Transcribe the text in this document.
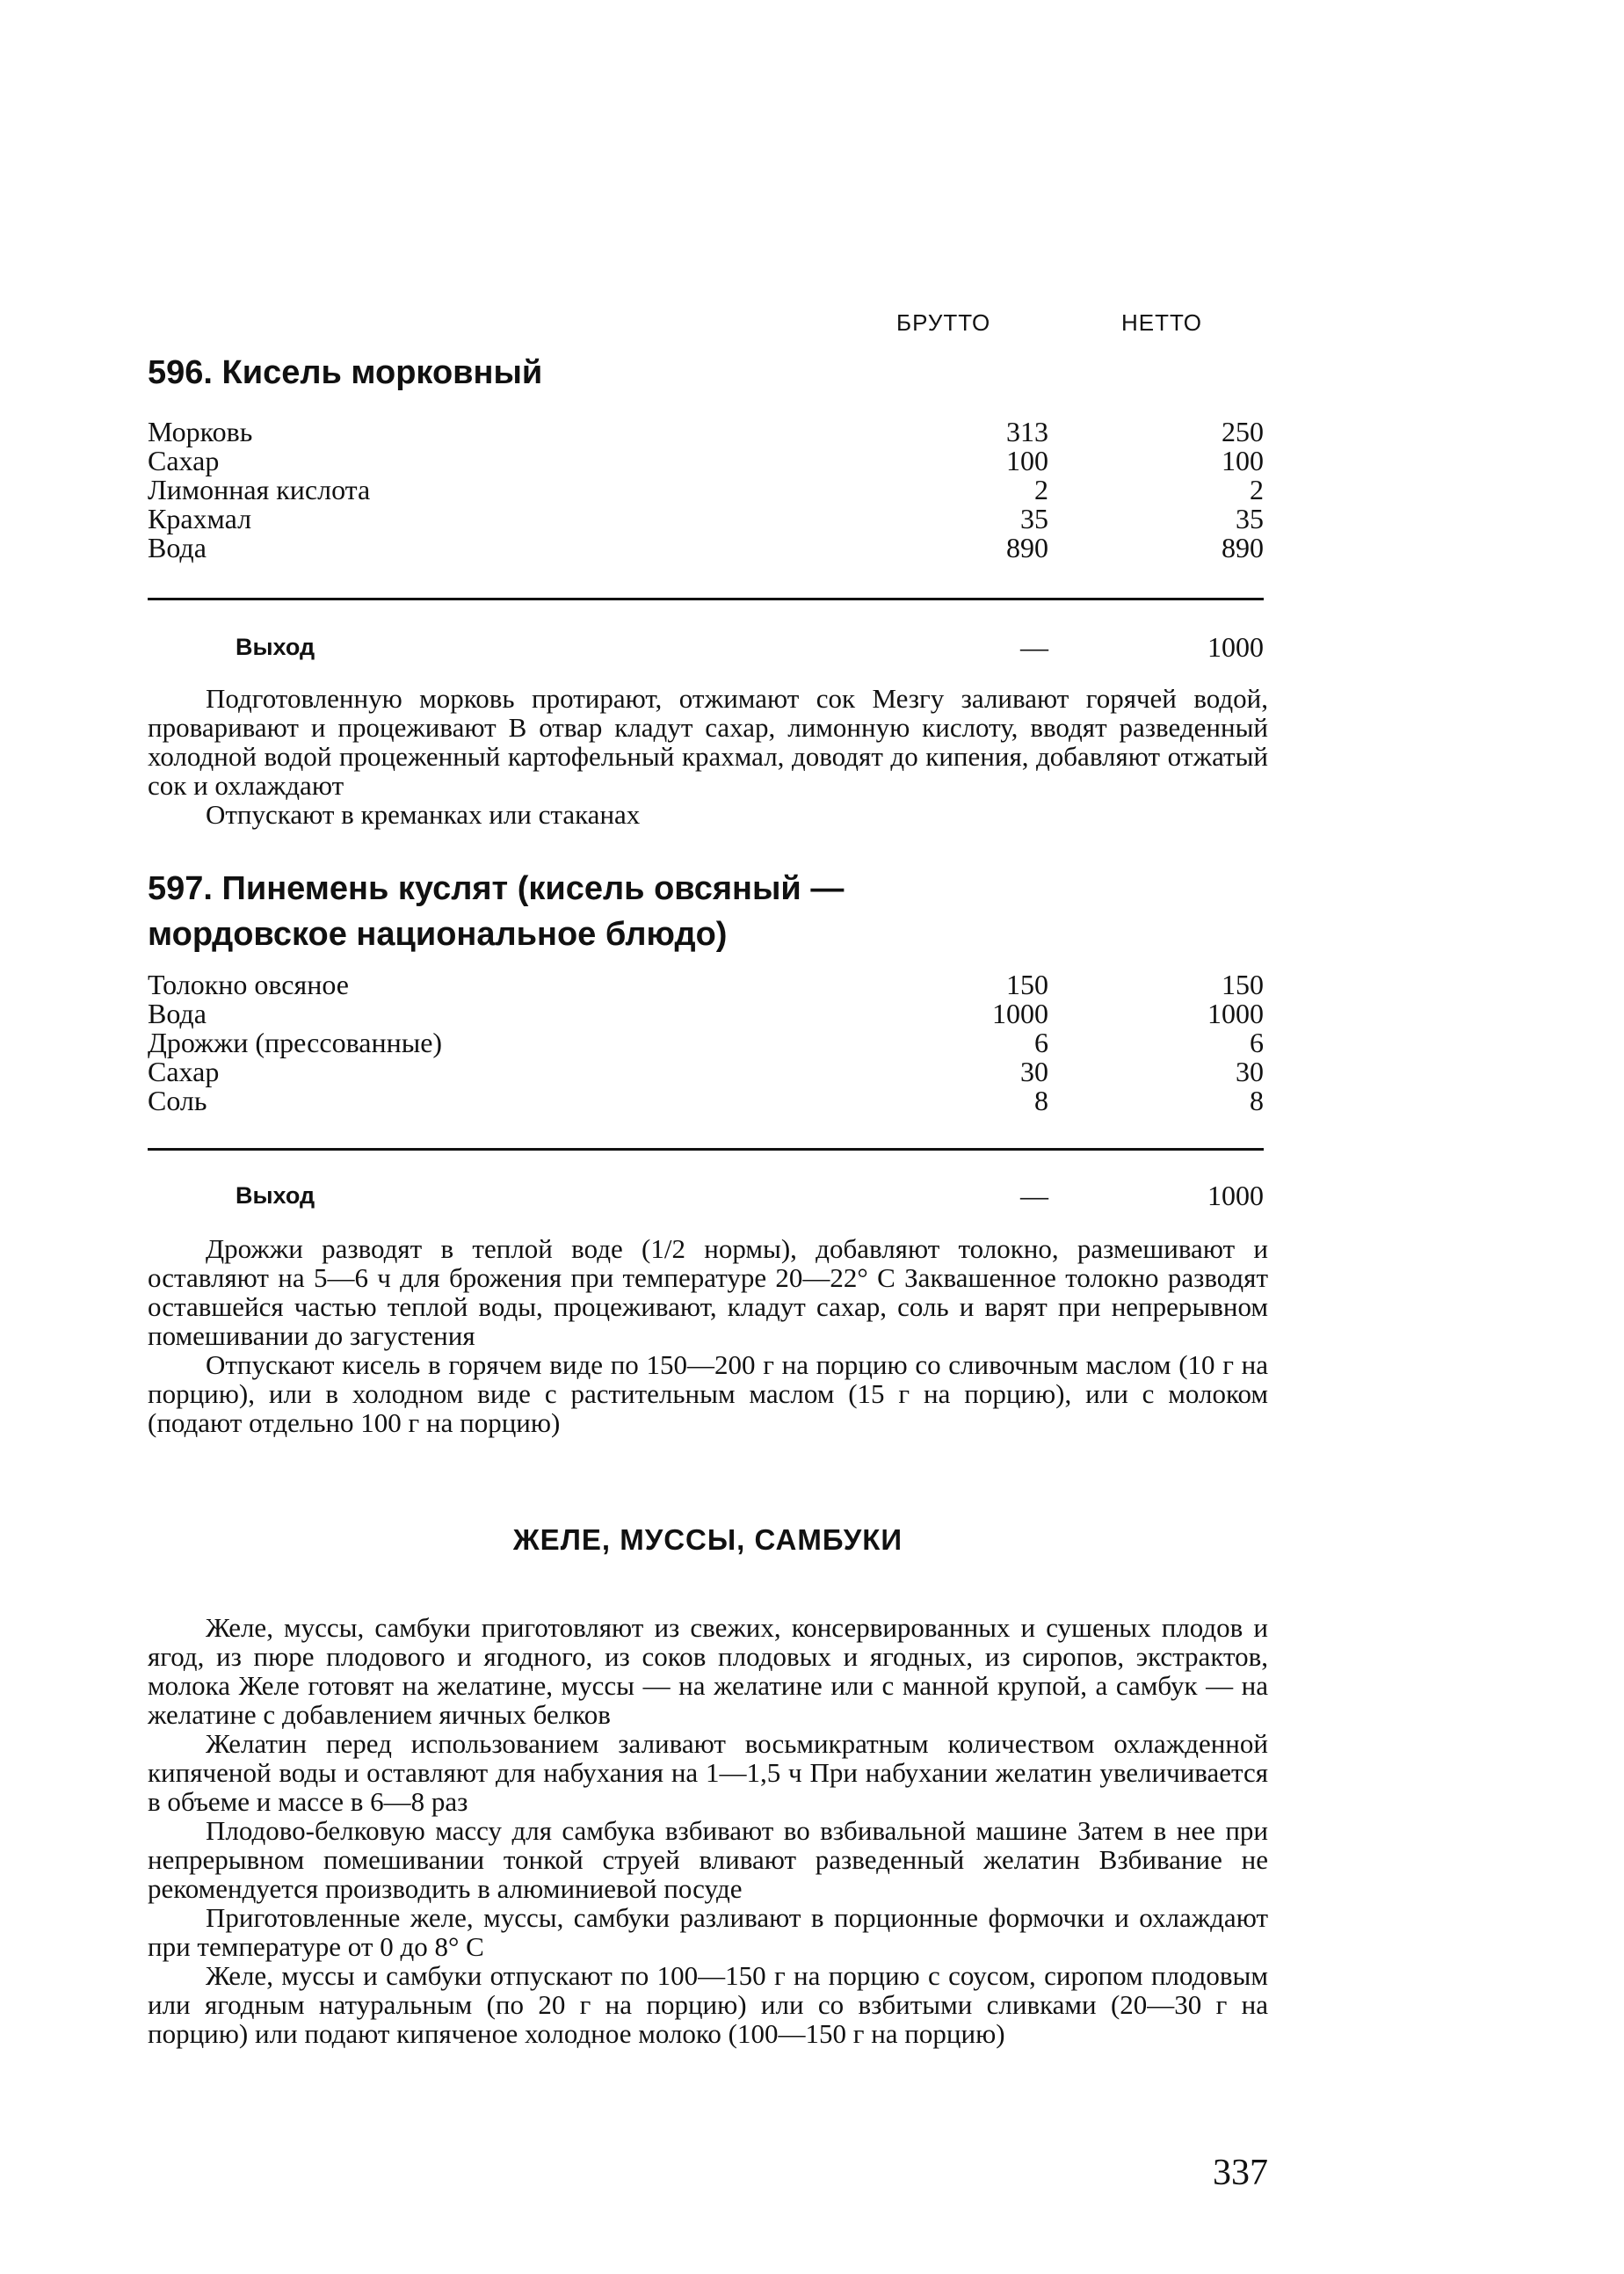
БРУТТО	НЕТТО
596. Кисель морковный
Морковь	313	250
Сахар	100	100
Лимонная кислота	2	2
Крахмал	35	35
Вода	890	890
Выход	—	1000

Подготовленную морковь протирают, отжимают сок Мезгу заливают горячей водой, проваривают и процеживают В отвар кладут сахар, лимонную кислоту, вводят разведенный холодной водой процеженный картофельный крахмал, доводят до кипения, добавляют отжатый сок и охлаждают

Отпускают в креманках или стаканах

597. Пинемень куслят (кисель овсяный —
мордовское национальное блюдо)
Толокно овсяное	150	150
Вода	1000	1000
Дрожжи (прессованные)	6	6
Сахар	30	30
Соль	8	8
Выход	—	1000

Дрожжи разводят в теплой воде (1/2 нормы), добавляют толокно, размешивают и оставляют на 5—6 ч для брожения при температуре 20—22° С Заквашенное толокно разводят оставшейся частью теплой воды, процеживают, кладут сахар, соль и варят при непрерывном помешивании до загустения

Отпускают кисель в горячем виде по 150—200 г на порцию со сливочным маслом (10 г на порцию), или в холодном виде с растительным маслом (15 г на порцию), или с молоком (подают отдельно 100 г на порцию)

ЖЕЛЕ, МУССЫ, САМБУКИ

Желе, муссы, самбуки приготовляют из свежих, консервированных и сушеных плодов и ягод, из пюре плодового и ягодного, из соков плодовых и ягодных, из сиропов, экстрактов, молока Желе готовят на желатине, муссы — на желатине или с манной крупой, а самбук — на желатине с добавлением яичных белков

Желатин перед использованием заливают восьмикратным количеством охлажденной кипяченой воды и оставляют для набухания на 1—1,5 ч При набухании желатин увеличивается в объеме и массе в 6—8 раз

Плодово-белковую массу для самбука взбивают во взбивальной машине Затем в нее при непрерывном помешивании тонкой струей вливают разведенный желатин Взбивание не рекомендуется производить в алюминиевой посуде

Приготовленные желе, муссы, самбуки разливают в порционные формочки и охлаждают при температуре от 0 до 8° С

Желе, муссы и самбуки отпускают по 100—150 г на порцию с соусом, сиропом плодовым или ягодным натуральным (по 20 г на порцию) или со взбитыми сливками (20—30 г на порцию) или подают кипяченое холодное молоко (100—150 г на порцию)

337
